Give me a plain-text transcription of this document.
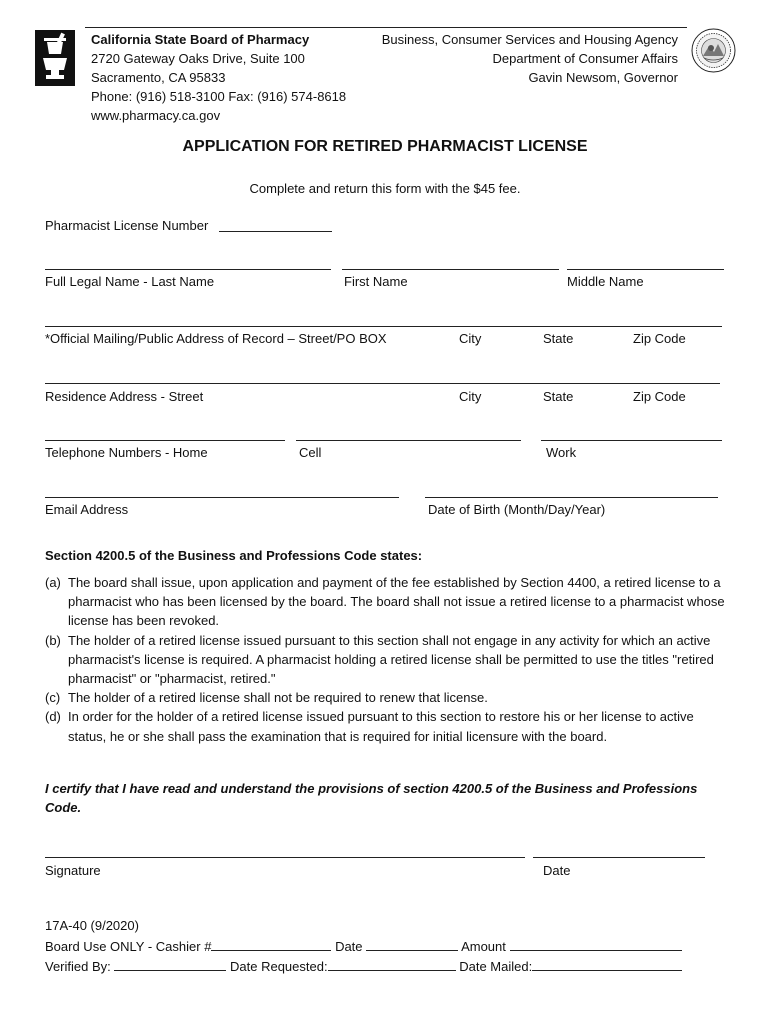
California State Board of Pharmacy
2720 Gateway Oaks Drive, Suite 100
Sacramento, CA 95833
Phone: (916) 518-3100 Fax: (916) 574-8618
www.pharmacy.ca.gov
Business, Consumer Services and Housing Agency
Department of Consumer Affairs
Gavin Newsom, Governor
APPLICATION FOR RETIRED PHARMACIST LICENSE
Complete and return this form with the $45 fee.
Pharmacist License Number
Full Legal Name - Last Name	First Name	Middle Name
*Official Mailing/Public Address of Record – Street/PO BOX	City	State	Zip Code
Residence Address - Street	City	State	Zip Code
Telephone Numbers - Home	Cell	Work
Email Address	Date of Birth (Month/Day/Year)
Section 4200.5 of the Business and Professions Code states:
(a) The board shall issue, upon application and payment of the fee established by Section 4400, a retired license to a pharmacist who has been licensed by the board. The board shall not issue a retired license to a pharmacist whose license has been revoked.
(b) The holder of a retired license issued pursuant to this section shall not engage in any activity for which an active pharmacist's license is required. A pharmacist holding a retired license shall be permitted to use the titles "retired pharmacist" or "pharmacist, retired."
(c) The holder of a retired license shall not be required to renew that license.
(d) In order for the holder of a retired license issued pursuant to this section to restore his or her license to active status, he or she shall pass the examination that is required for initial licensure with the board.
I certify that I have read and understand the provisions of section 4200.5 of the Business and Professions Code.
Signature	Date
17A-40 (9/2020)
Board Use ONLY - Cashier #	Date	Amount
Verified By:	Date Requested:	Date Mailed:
